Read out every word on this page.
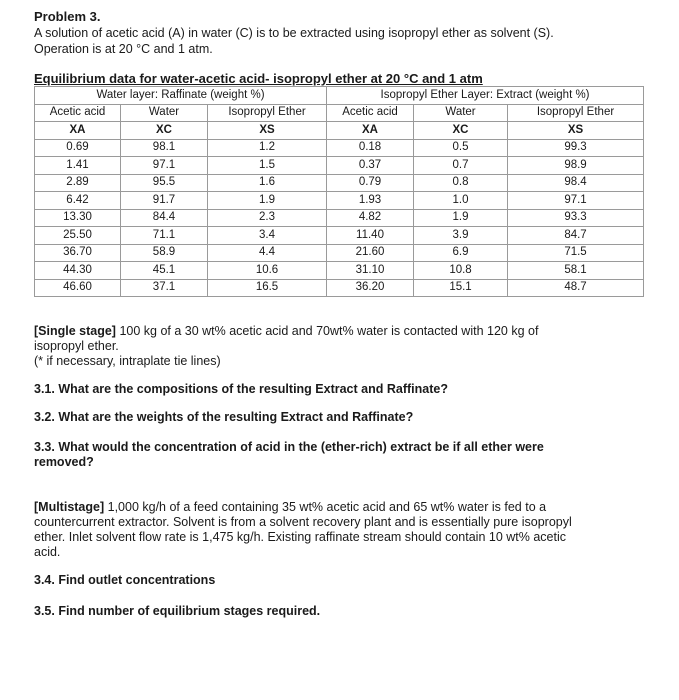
Problem 3.
A solution of acetic acid (A) in water (C) is to be extracted using isopropyl ether as solvent (S).
Operation is at 20 °C and 1 atm.
Equilibrium data for water-acetic acid- isopropyl ether at 20 °C and 1 atm
Water layer: Raffinate (weight %)			Isopropyl Ether Layer: Extract (weight %)		
Acetic acid	Water	Isopropyl Ether	Acetic acid	Water	Isopropyl Ether
XA	XC	XS	XA	XC	XS
0.69	98.1	1.2	0.18	0.5	99.3
1.41	97.1	1.5	0.37	0.7	98.9
2.89	95.5	1.6	0.79	0.8	98.4
6.42	91.7	1.9	1.93	1.0	97.1
13.30	84.4	2.3	4.82	1.9	93.3
25.50	71.1	3.4	11.40	3.9	84.7
36.70	58.9	4.4	21.60	6.9	71.5
44.30	45.1	10.6	31.10	10.8	58.1
46.60	37.1	16.5	36.20	15.1	48.7
[Single stage] 100 kg of a 30 wt% acetic acid and 70wt% water is contacted with 120 kg of
isopropyl ether.
(* if necessary, intraplate tie lines)
3.1. What are the compositions of the resulting Extract and Raffinate?
3.2. What are the weights of the resulting Extract and Raffinate?
3.3. What would the concentration of acid in the (ether-rich) extract be if all ether were
removed?
[Multistage] 1,000 kg/h of a feed containing 35 wt% acetic acid and 65 wt% water is fed to a
countercurrent extractor. Solvent is from a solvent recovery plant and is essentially pure isopropyl
ether. Inlet solvent flow rate is 1,475 kg/h. Existing raffinate stream should contain 10 wt% acetic
acid.
3.4. Find outlet concentrations
3.5. Find number of equilibrium stages required.
